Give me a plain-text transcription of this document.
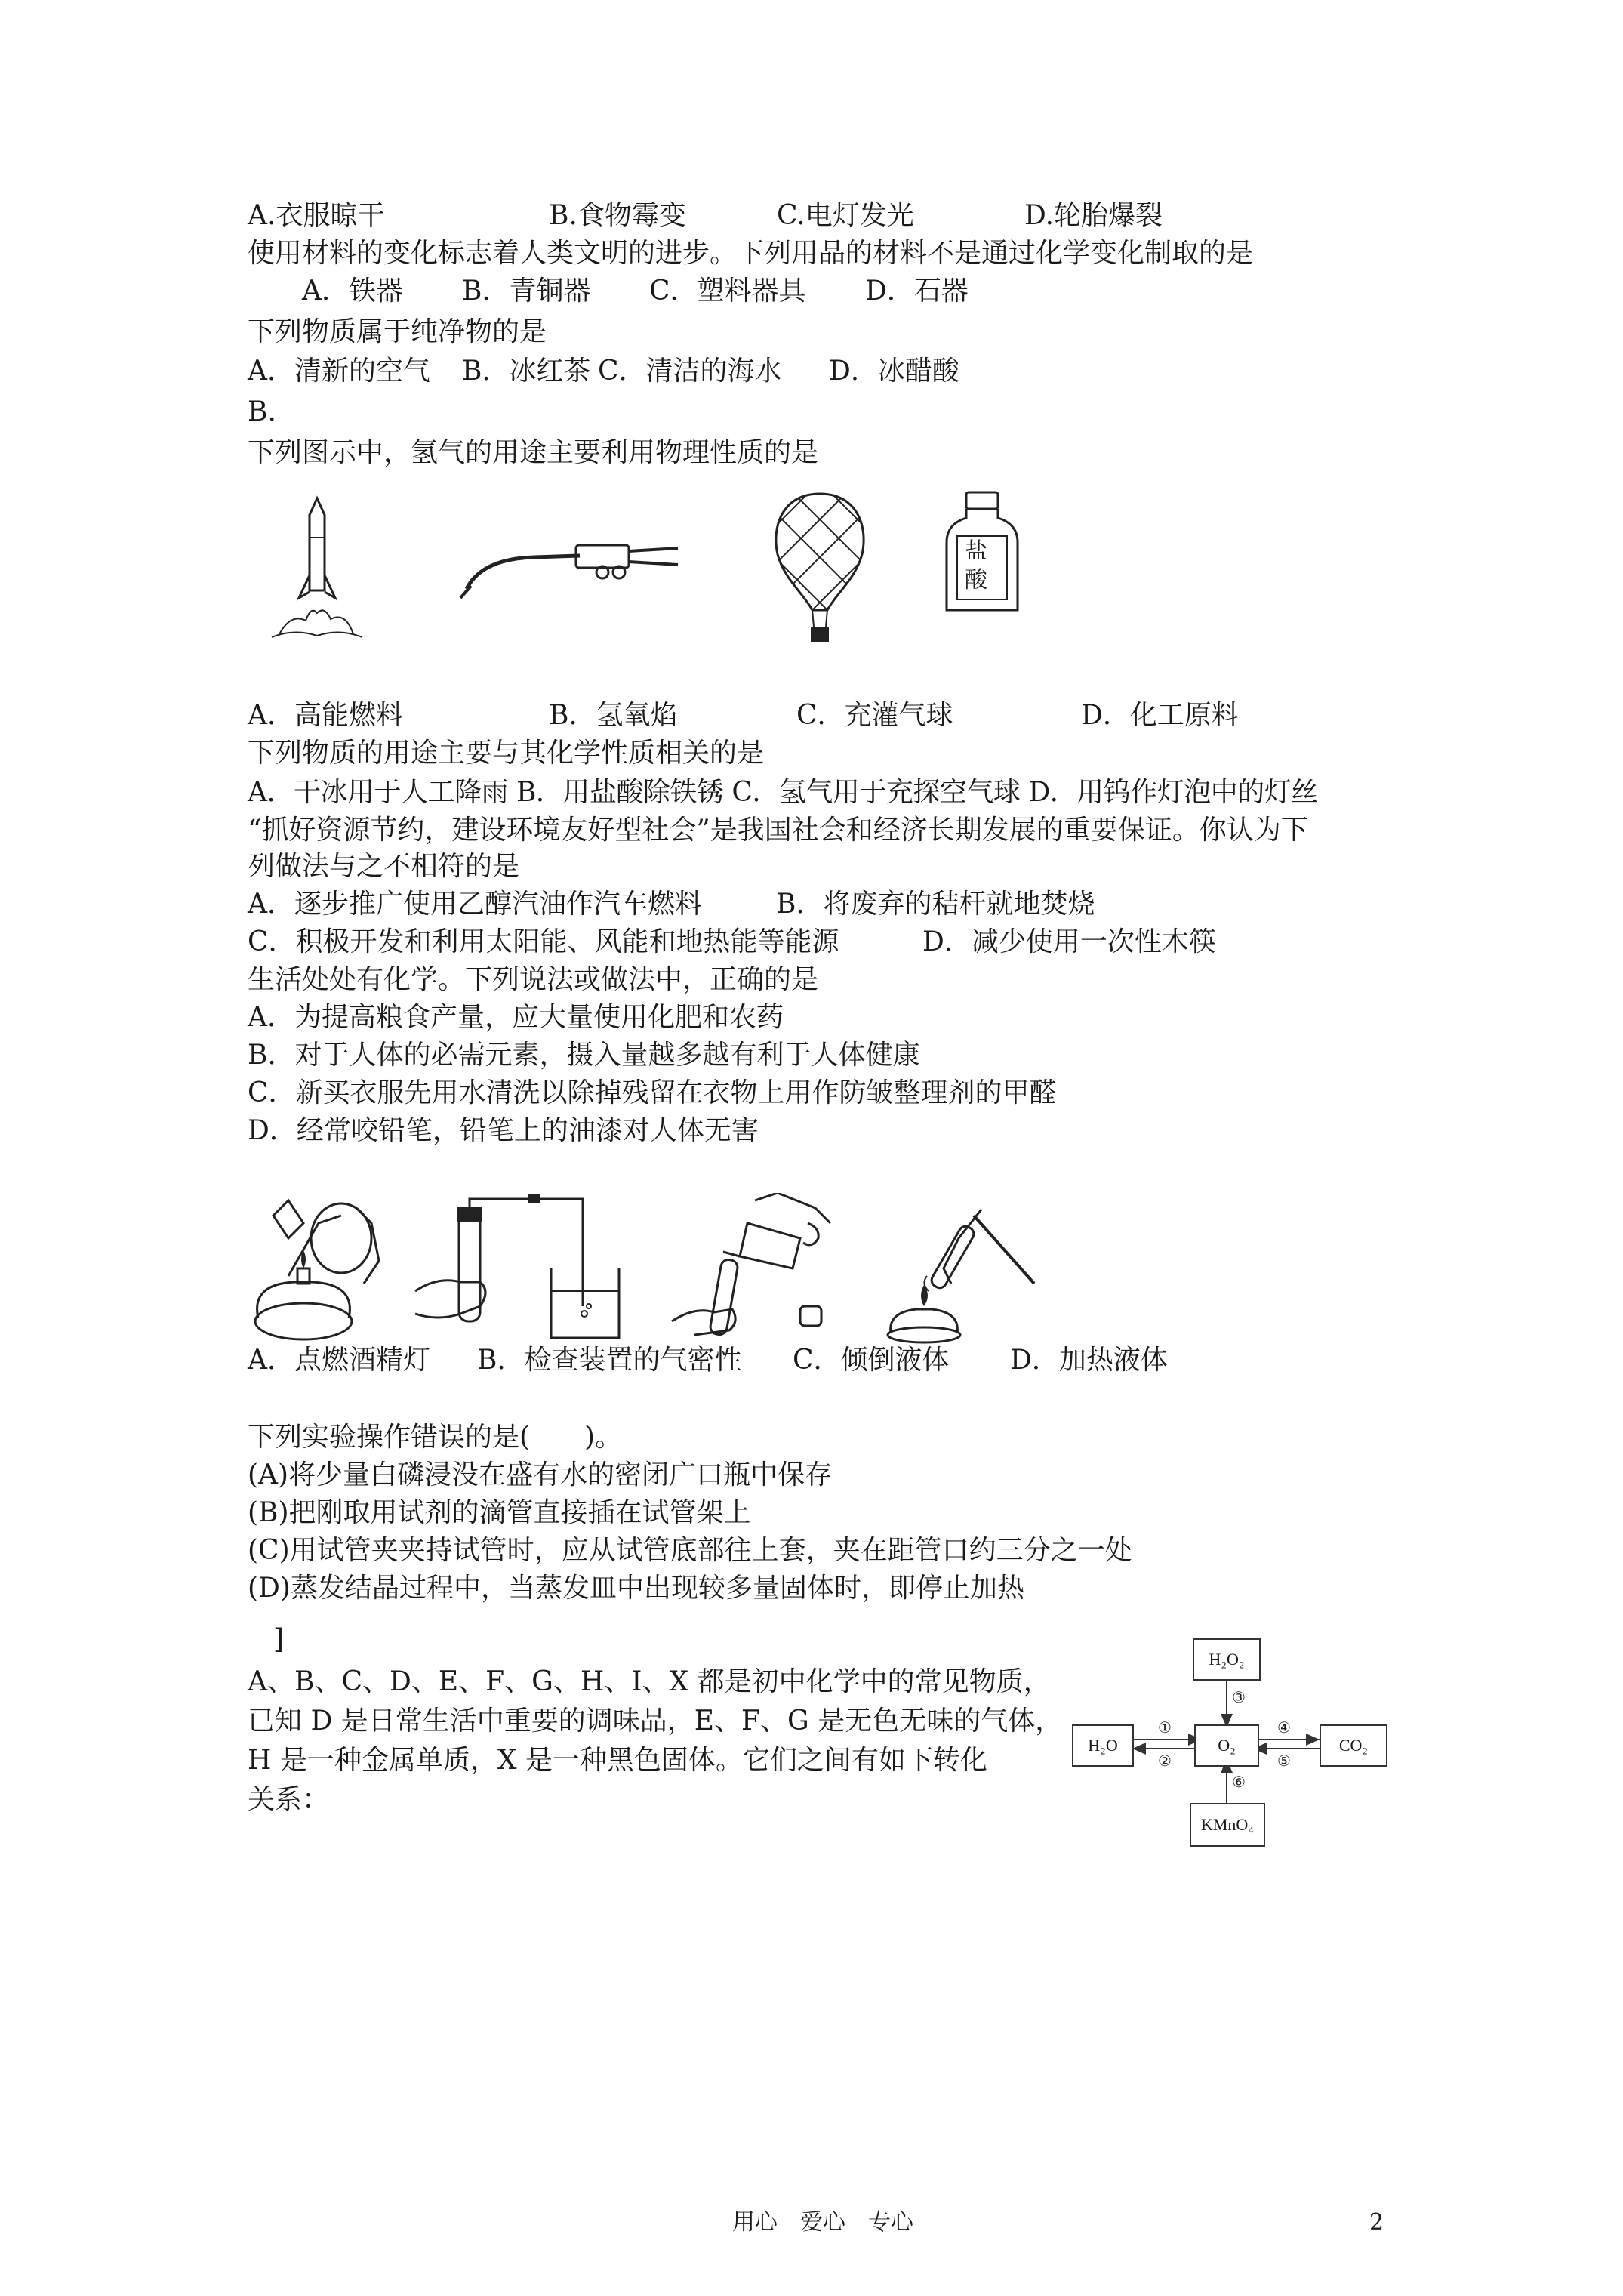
A.衣服晾干	B.食物霉变	C.电灯发光	D.轮胎爆裂
使用材料的变化标志着人类文明的进步。下列用品的材料不是通过化学变化制取的是
A．铁器 B．青铜器 C．塑料器具 D．石器
下列物质属于纯净物的是
A．清新的空气 B．冰红茶 C．清洁的海水 D．冰醋酸
B.
下列图示中，氢气的用途主要利用物理性质的是
盐
酸
A．高能燃料	B．氢氧焰	C．充灌气球	D．化工原料
下列物质的用途主要与其化学性质相关的是
A．干冰用于人工降雨 B．用盐酸除铁锈 C．氢气用于充探空气球 D．用钨作灯泡中的灯丝
“抓好资源节约，建设环境友好型社会”是我国社会和经济长期发展的重要保证。你认为下
列做法与之不相符的是
A．逐步推广使用乙醇汽油作汽车燃料	B．将废弃的秸杆就地焚烧
C．积极开发和利用太阳能、风能和地热能等能源	D．减少使用一次性木筷
生活处处有化学。下列说法或做法中，正确的是
A．为提高粮食产量，应大量使用化肥和农药
B．对于人体的必需元素，摄入量越多越有利于人体健康
C．新买衣服先用水清洗以除掉残留在衣物上用作防皱整理剂的甲醛
D．经常咬铅笔，铅笔上的油漆对人体无害
A．点燃酒精灯 B．检查装置的气密性 C．倾倒液体 D．加热液体
下列实验操作错误的是(　　)。
(A)将少量白磷浸没在盛有水的密闭广口瓶中保存
(B)把刚取用试剂的滴管直接插在试管架上
(C)用试管夹夹持试管时，应从试管底部往上套，夹在距管口约三分之一处
(D)蒸发结晶过程中，当蒸发皿中出现较多量固体时，即停止加热
]
A、B、C、D、E、F、G、H、I、X 都是初中化学中的常见物质，
已知 D 是日常生活中重要的调味品，E、F、G 是无色无味的气体，
H 是一种金属单质，X 是一种黑色固体。它们之间有如下转化
关系：
H₂O₂
H₂O	O₂	CO₂
KMnO₄
①
②
③
④
⑤
⑥
用心　爱心　专心	2
